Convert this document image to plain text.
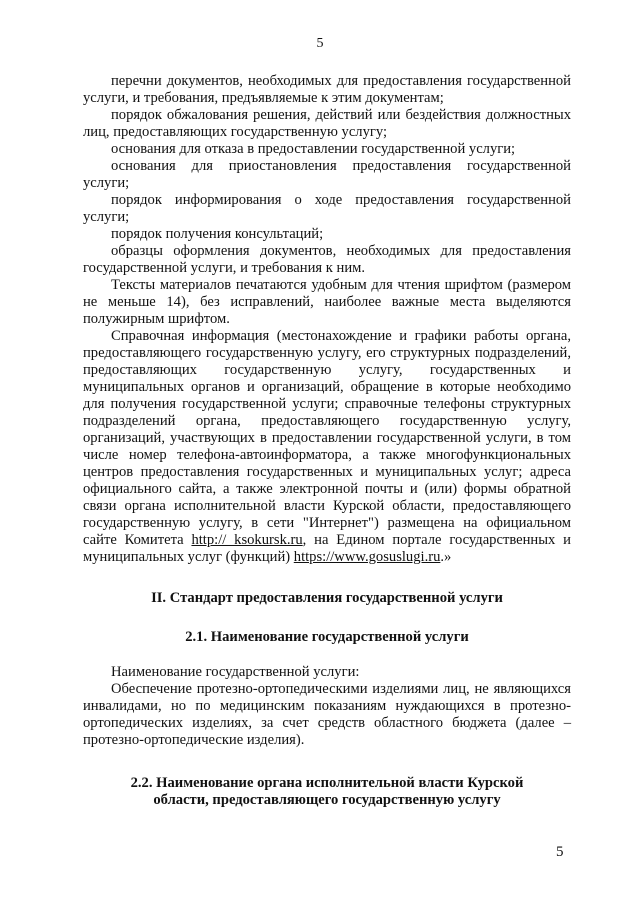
5

перечни документов, необходимых для предоставления государственной услуги, и требования, предъявляемые к этим документам;

порядок обжалования решения, действий или бездействия должностных лиц, предоставляющих государственную услугу;

основания для отказа в предоставлении государственной услуги;

основания для приостановления предоставления государственной услуги;

порядок информирования о ходе предоставления государственной услуги;

порядок получения консультаций;

образцы оформления документов, необходимых для предоставления государственной услуги, и требования к ним.

Тексты материалов печатаются удобным для чтения шрифтом (размером не меньше 14), без исправлений, наиболее важные места выделяются полужирным шрифтом.

Справочная информация (местонахождение и графики работы органа, предоставляющего государственную услугу, его структурных подразделений, предоставляющих государственную услугу, государственных и муниципальных органов и организаций, обращение в которые необходимо для получения государственной услуги; справочные телефоны структурных подразделений органа, предоставляющего государственную услугу, организаций, участвующих в предоставлении государственной услуги, в том числе номер телефона-автоинформатора, а также многофункциональных центров предоставления государственных и муниципальных услуг; адреса официального сайта, а также электронной почты и (или) формы обратной связи органа исполнительной власти Курской области, предоставляющего государственную услугу, в сети "Интернет") размещена на официальном сайте Комитета http:// ksokursk.ru, на Едином портале государственных и муниципальных услуг (функций) https://www.gosuslugi.ru.»

II. Стандарт предоставления государственной услуги
2.1. Наименование государственной услуги

Наименование государственной услуги:

Обеспечение протезно-ортопедическими изделиями лиц, не являющихся инвалидами, но по медицинским показаниям нуждающихся в протезно-ортопедических изделиях, за счет средств областного бюджета (далее – протезно-ортопедические изделия).

2.2. Наименование органа исполнительной власти Курской
области, предоставляющего государственную услугу
5
